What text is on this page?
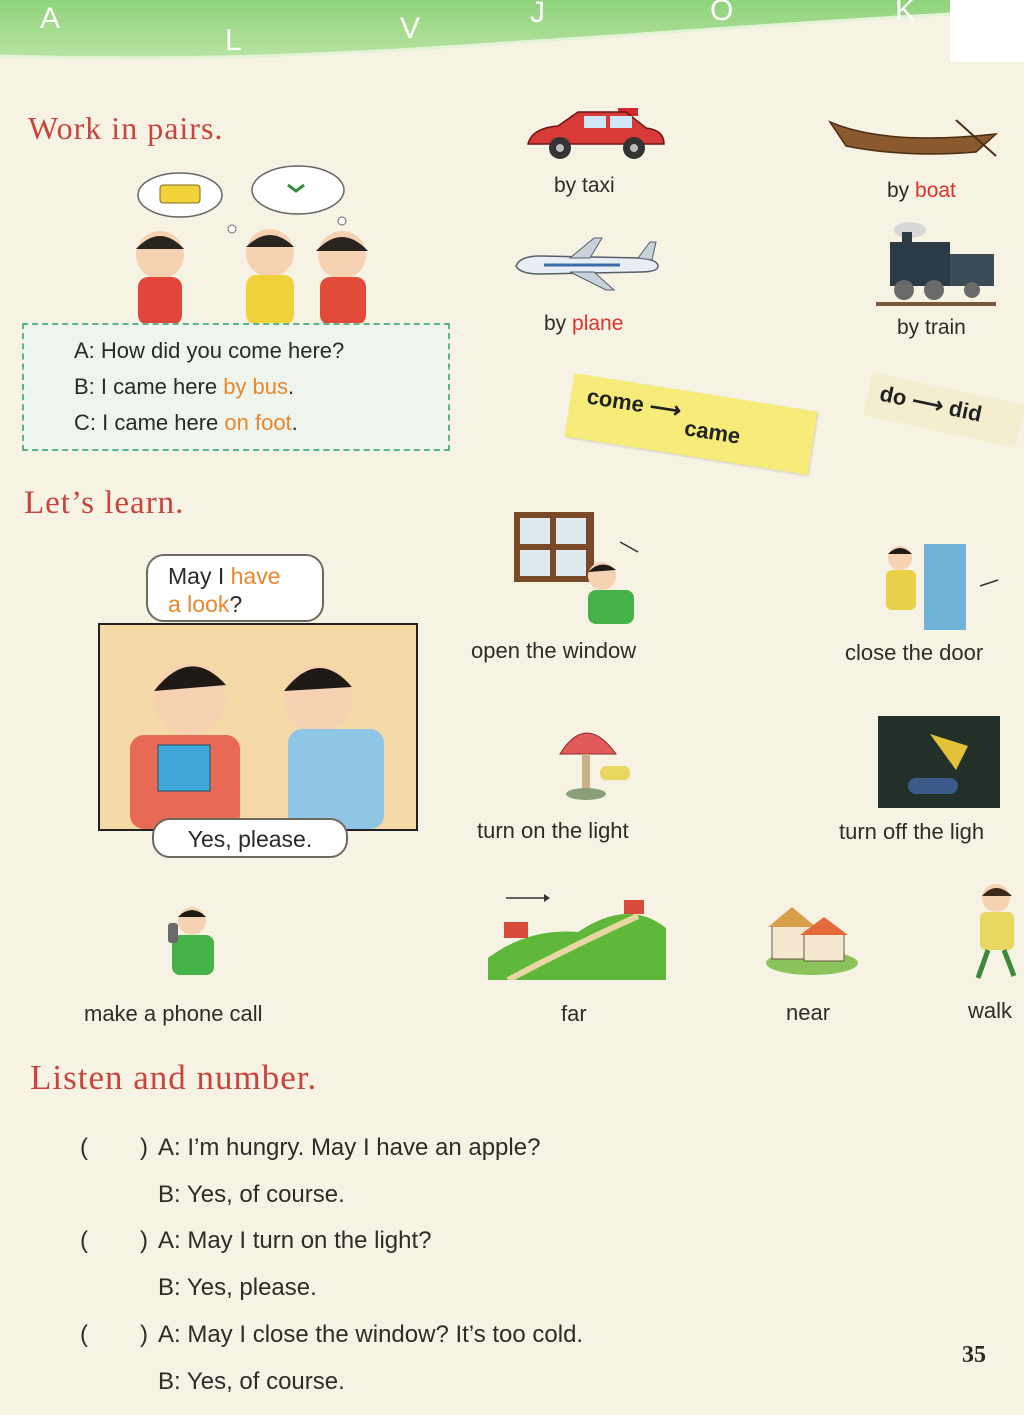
A
L	V	J	O	K
Work in pairs.
A: How did you come here?
B: I came here by bus.
C: I came here on foot.
by taxi	by boat
by plane	by train
come ⟶ came
do ⟶ did
Let’s learn.
May I have
a look?
Yes, please.
open the window	close the door
turn on the light	turn off the ligh
make a phone call	far	near	walk
Listen and number.
( ) A: I’m hungry. May I have an apple?
B: Yes, of course.
( ) A: May I turn on the light?
B: Yes, please.
( ) A: May I close the window? It’s too cold.
B: Yes, of course.
35
